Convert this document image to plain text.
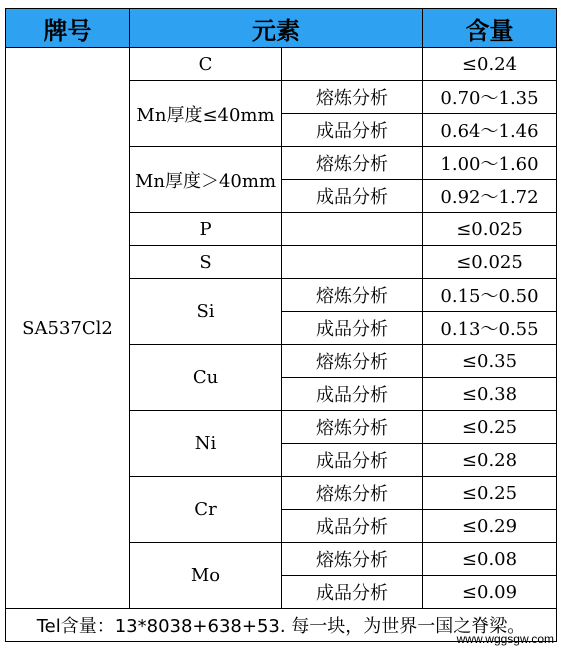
牌号	元素		含量
SA537Cl2	C		≤0.24
	Mn厚度≤40mm	熔炼分析	0.70～1.35
		成品分析	0.64～1.46
	Mn厚度＞40mm	熔炼分析	1.00～1.60
		成品分析	0.92～1.72
	P		≤0.025
	S		≤0.025
	Si	熔炼分析	0.15～0.50
		成品分析	0.13～0.55
	Cu	熔炼分析	≤0.35
		成品分析	≤0.38
	Ni	熔炼分析	≤0.25
		成品分析	≤0.28
	Cr	熔炼分析	≤0.25
		成品分析	≤0.29
	Mo	熔炼分析	≤0.08
		成品分析	≤0.09
Tel含量：13*8038+638+53. 每一块，为世界一国之脊梁。			
www.wggsgw.com
